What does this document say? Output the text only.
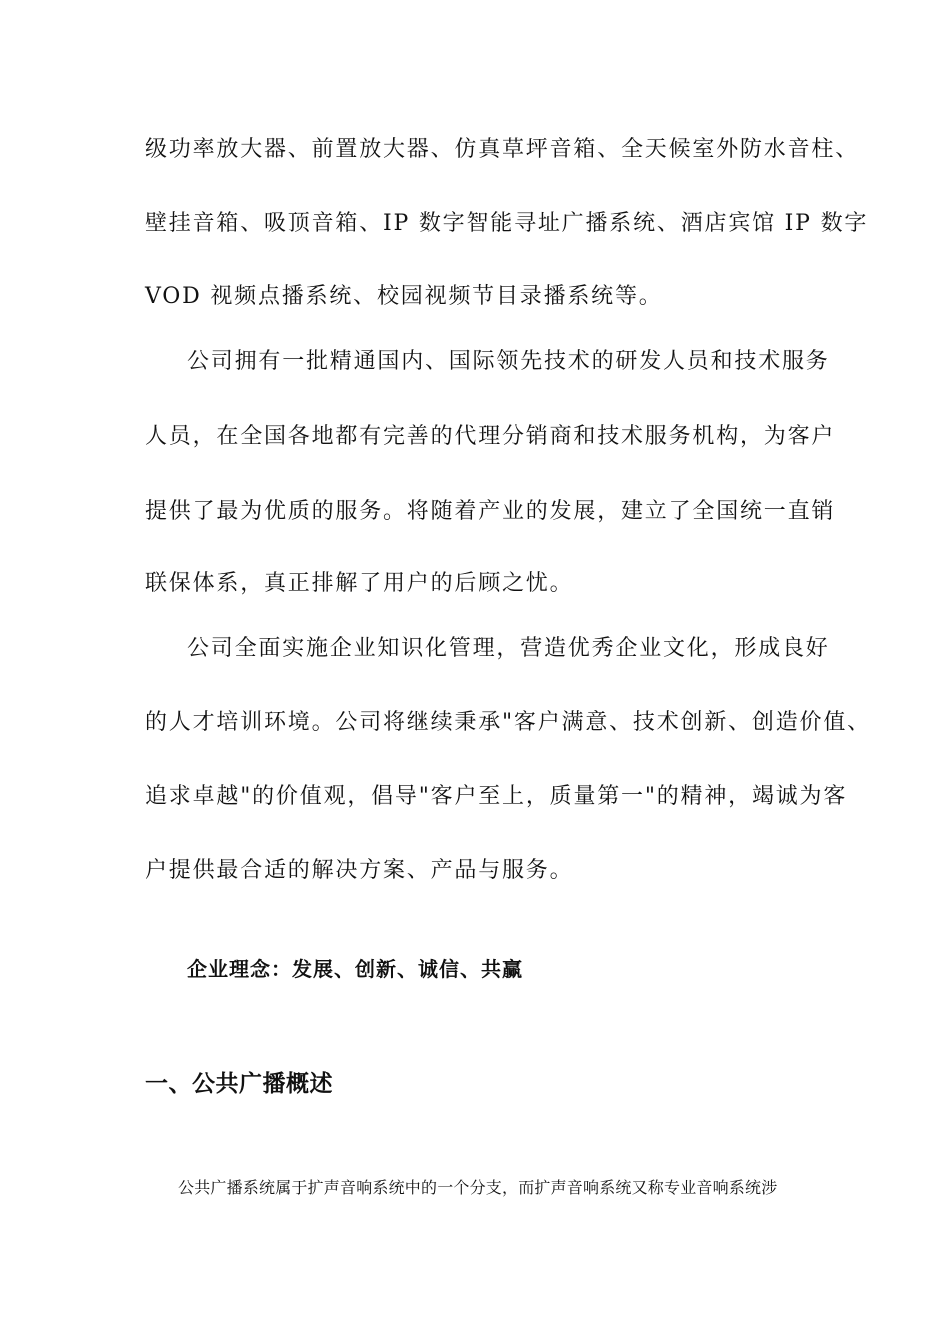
级功率放大器、前置放大器、仿真草坪音箱、全天候室外防水音柱、
壁挂音箱、吸顶音箱、IP 数字智能寻址广播系统、酒店宾馆 IP 数字
VOD 视频点播系统、校园视频节目录播系统等。
公司拥有一批精通国内、国际领先技术的研发人员和技术服务
人员，在全国各地都有完善的代理分销商和技术服务机构，为客户
提供了最为优质的服务。将随着产业的发展，建立了全国统一直销
联保体系，真正排解了用户的后顾之忧。
公司全面实施企业知识化管理，营造优秀企业文化，形成良好
的人才培训环境。公司将继续秉承"客户满意、技术创新、创造价值、
追求卓越"的价值观，倡导"客户至上，质量第一"的精神，竭诚为客
户提供最合适的解决方案、产品与服务。
企业理念：发展、创新、诚信、共赢
一、公共广播概述
公共广播系统属于扩声音响系统中的一个分支，而扩声音响系统又称专业音响系统涉
